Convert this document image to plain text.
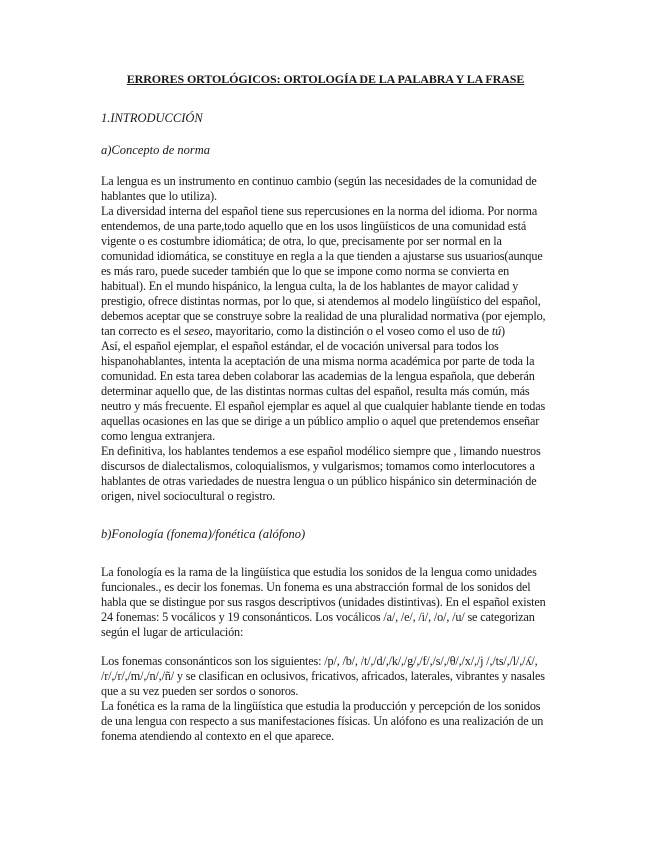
ERRORES ORTOLÓGICOS: ORTOLOGÍA DE LA PALABRA Y LA FRASE
1.INTRODUCCIÓN
a)Concepto de norma

La lengua es un instrumento en continuo cambio (según las necesidades de la comunidad de hablantes que lo utiliza).

La diversidad interna del español tiene sus repercusiones en la norma del idioma. Por norma entendemos, de una parte,todo aquello que en los usos lingüísticos de una comunidad está vigente o es costumbre idiomática; de otra, lo que, precisamente por ser normal en la comunidad idiomática, se constituye en regla a la que tienden a ajustarse sus usuarios(aunque es más raro, puede suceder también que lo que se impone como norma se convierta en habitual). En el mundo hispánico, la lengua culta, la de los hablantes de mayor calidad y prestigio, ofrece distintas normas, por lo que, si atendemos al modelo lingüístico del español, debemos aceptar que se construye sobre la realidad de una pluralidad normativa (por ejemplo, tan correcto es el seseo, mayoritario, como la distinción o el voseo como el uso de tú)

Así, el español ejemplar, el español estándar, el de vocación universal para todos los hispanohablantes, intenta la aceptación de una misma norma académica por parte de toda la comunidad. En esta tarea deben colaborar las academias de la lengua española, que deberán determinar aquello que, de las distintas normas cultas del español, resulta más común, más neutro y más frecuente. El español ejemplar es aquel al que cualquier hablante tiende en todas aquellas ocasiones en las que se dirige a un público amplio o aquel que pretendemos enseñar como lengua extranjera.

En definitiva, los hablantes tendemos a ese español modélico siempre que , limando nuestros discursos de dialectalismos, coloquialismos, y vulgarismos; tomamos como interlocutores a hablantes de otras variedades de nuestra lengua o un público hispánico sin determinación de origen, nivel sociocultural o registro.

b)Fonología (fonema)/fonética (alófono)

La fonología es la rama de la lingüística que estudia los sonidos de la lengua como unidades funcionales., es decir los fonemas. Un fonema es una abstracción formal de los sonidos del habla que se distingue por sus rasgos descriptivos (unidades distintivas). En el español existen 24 fonemas: 5 vocálicos y 19 consonánticos. Los vocálicos /a/, /e/, /i/, /o/, /u/ se categorizan según el lugar de articulación:

Los fonemas consonánticos son los siguientes: /p/, /b/, /t/,/d/,/k/,/g/,/f/,/s/,/θ/,/x/,/j /,/ts/,/l/,/ʎ/, /r/,/r/,/m/,/n/,/ñ/ y se clasifican en oclusivos, fricativos, africados, laterales, vibrantes y nasales que a su vez pueden ser sordos o sonoros.

La fonética es la rama de la lingüística que estudia la producción y percepción de los sonidos de una lengua con respecto a sus manifestaciones físicas. Un alófono es una realización de un fonema atendiendo al contexto en el que aparece.
